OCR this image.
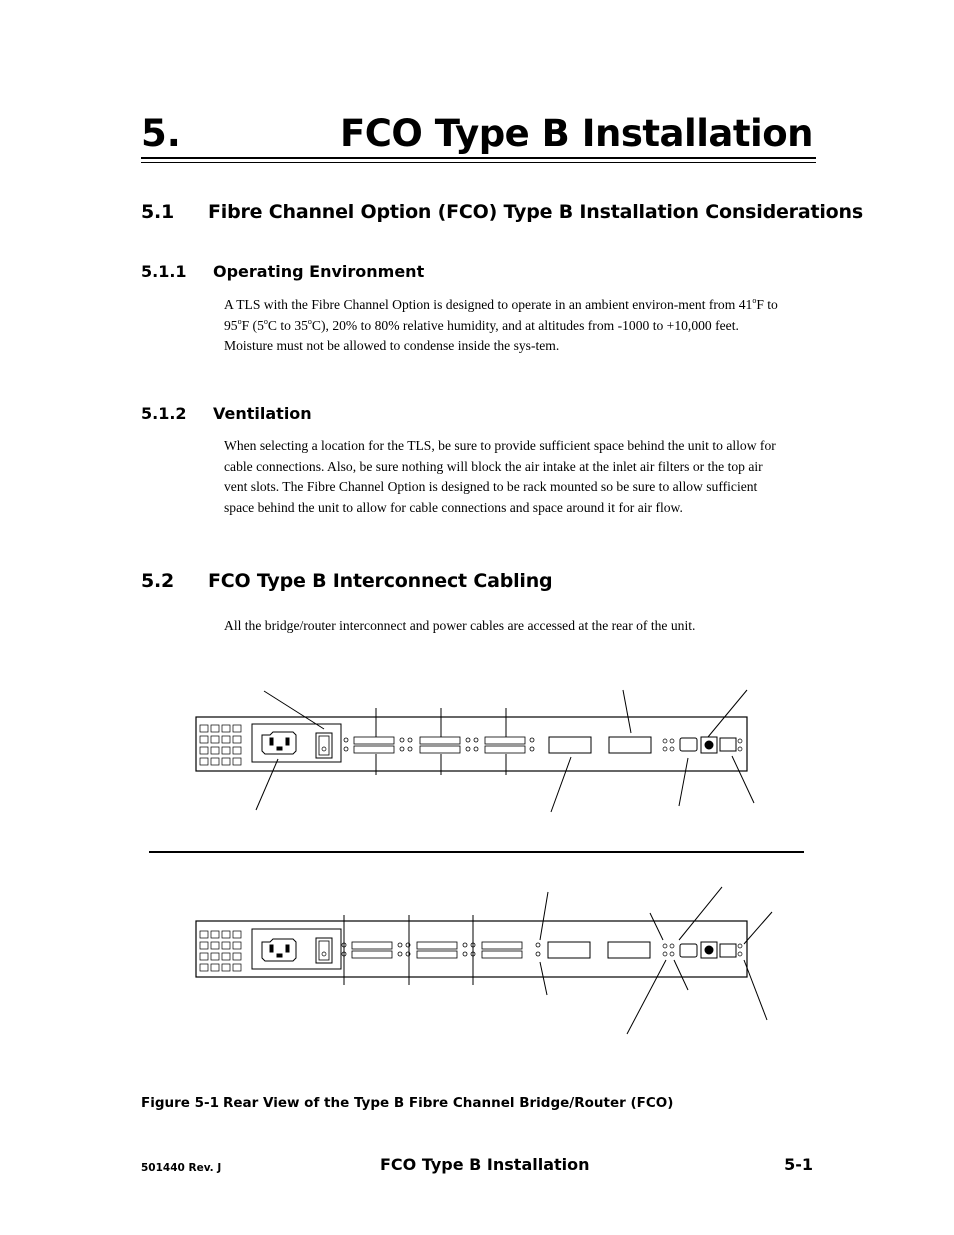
5.	FCO Type B Installation
5.1 Fibre Channel Option (FCO) Type B Installation Considerations
5.1.1 Operating Environment
A TLS with the Fibre Channel Option is designed to operate in an ambient environ-ment from 41$^o$F to 95$^o$F (5$^o$C to 35$^o$C), 20% to 80% relative humidity, and at altitudes from -1000 to +10,000 feet. Moisture must not be allowed to condense inside the sys-tem.
5.1.2 Ventilation
When selecting a location for the TLS, be sure to provide sufficient space behind the unit to allow for cable connections. Also, be sure nothing will block the air intake at the inlet air filters or the top air vent slots. The Fibre Channel Option is designed to be rack mounted so be sure to allow sufficient space behind the unit to allow for cable connections and space around it for air flow.
5.2 FCO Type B Interconnect Cabling
All the bridge/router interconnect and power cables are accessed at the rear of the unit.
Figure 5-1 Rear View of the Type B Fibre Channel Bridge/Router (FCO)
501440 Rev. J	FCO Type B Installation	5-1
